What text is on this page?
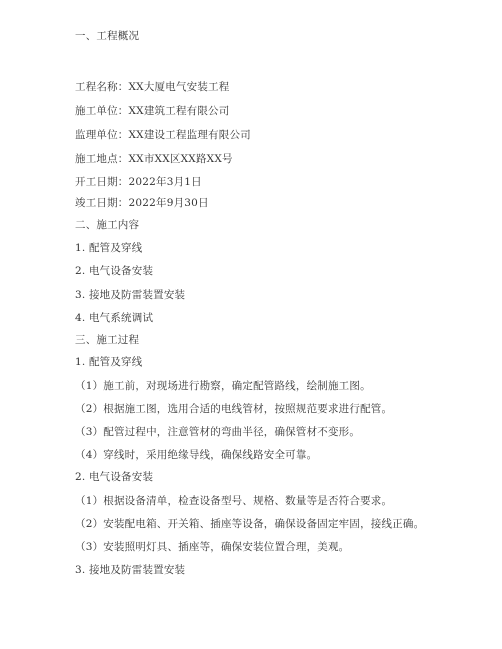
一、工程概况
工程名称：XX大厦电气安装工程
施工单位：XX建筑工程有限公司
监理单位：XX建设工程监理有限公司
施工地点：XX市XX区XX路XX号
开工日期：2022年3月1日
竣工日期：2022年9月30日
二、施工内容
1. 配管及穿线
2. 电气设备安装
3. 接地及防雷装置安装
4. 电气系统调试
三、施工过程
1. 配管及穿线
（1）施工前，对现场进行勘察，确定配管路线，绘制施工图。
（2）根据施工图，选用合适的电线管材，按照规范要求进行配管。
（3）配管过程中，注意管材的弯曲半径，确保管材不变形。
（4）穿线时，采用绝缘导线，确保线路安全可靠。
2. 电气设备安装
（1）根据设备清单，检查设备型号、规格、数量等是否符合要求。
（2）安装配电箱、开关箱、插座等设备，确保设备固定牢固，接线正确。
（3）安装照明灯具、插座等，确保安装位置合理，美观。
3. 接地及防雷装置安装
